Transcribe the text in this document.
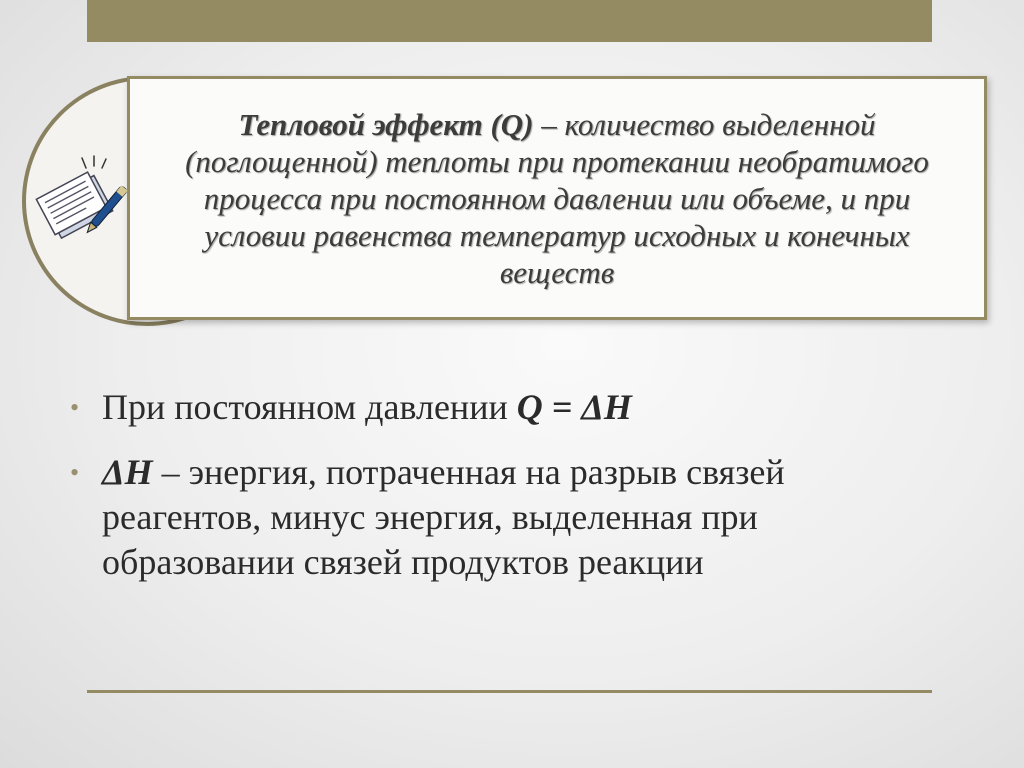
Тепловой эффект (Q) – количество выделенной (поглощенной) теплоты при протекании необратимого процесса при постоянном давлении или объеме, и при условии равенства температур исходных и конечных веществ

• При постоянном давлении Q = ΔH
• ΔH – энергия, потраченная на разрыв связей реагентов, минус энергия, выделенная при образовании связей продуктов реакции
